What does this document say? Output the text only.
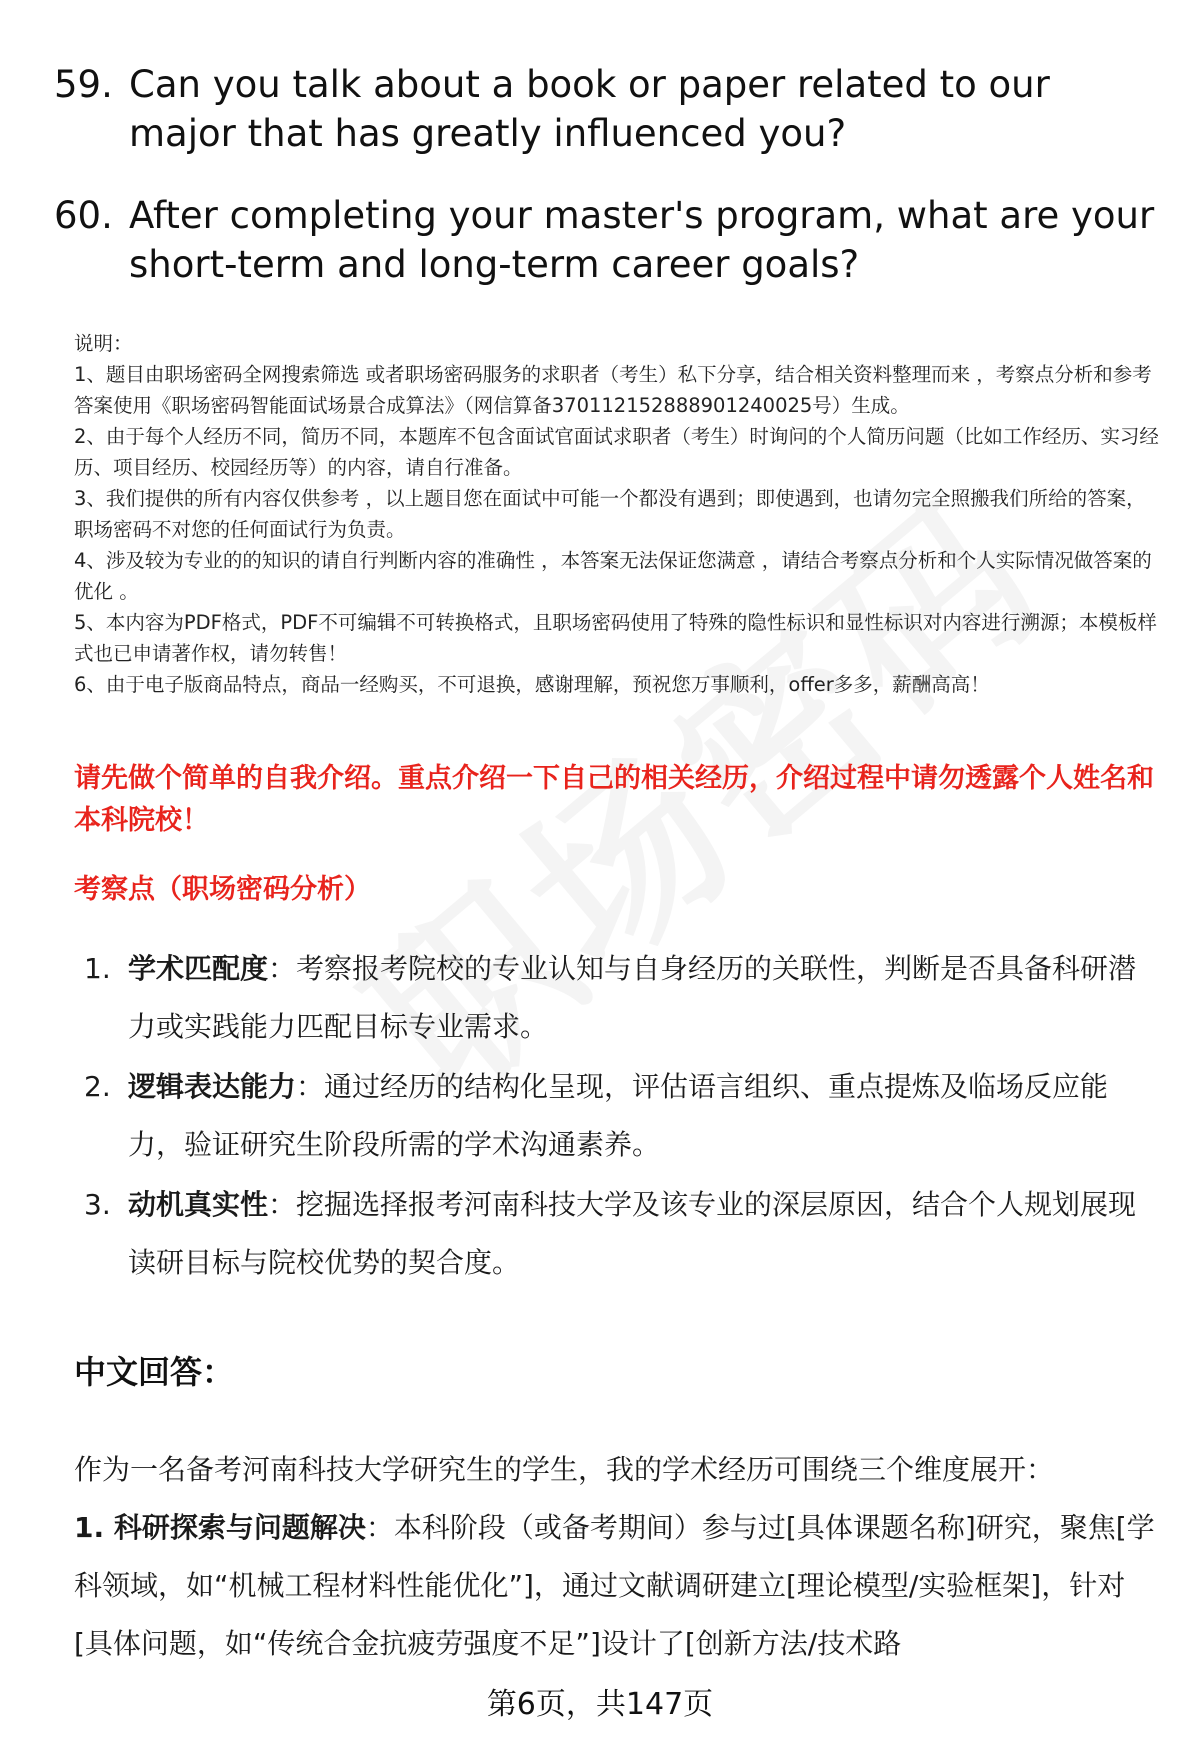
59. Can you talk about a book or paper related to our major that has greatly influenced you?
60. After completing your master's program, what are your short-term and long-term career goals?
说明：
1、题目由职场密码全网搜索筛选 或者职场密码服务的求职者（考生）私下分享，结合相关资料整理而来 ，考察点分析和参考答案使用《职场密码智能面试场景合成算法》（网信算备370112152888901240025号）生成。
2、由于每个人经历不同，简历不同，本题库不包含面试官面试求职者（考生）时询问的个人简历问题（比如工作经历、实习经历、项目经历、校园经历等）的内容，请自行准备。
3、我们提供的所有内容仅供参考 ，以上题目您在面试中可能一个都没有遇到；即使遇到，也请勿完全照搬我们所给的答案，职场密码不对您的任何面试行为负责。
4、涉及较为专业的的知识的请自行判断内容的准确性 ，本答案无法保证您满意 ，请结合考察点分析和个人实际情况做答案的优化 。
5、本内容为PDF格式，PDF不可编辑不可转换格式，且职场密码使用了特殊的隐性标识和显性标识对内容进行溯源；本模板样式也已申请著作权，请勿转售！
6、由于电子版商品特点，商品一经购买，不可退换，感谢理解，预祝您万事顺利，offer多多，薪酬高高！
请先做个简单的自我介绍。重点介绍一下自己的相关经历，介绍过程中请勿透露个人姓名和本科院校！
考察点（职场密码分析）
1. 学术匹配度：考察报考院校的专业认知与自身经历的关联性，判断是否具备科研潜力或实践能力匹配目标专业需求。
2. 逻辑表达能力：通过经历的结构化呈现，评估语言组织、重点提炼及临场反应能力，验证研究生阶段所需的学术沟通素养。
3. 动机真实性：挖掘选择报考河南科技大学及该专业的深层原因，结合个人规划展现读研目标与院校优势的契合度。
中文回答：
作为一名备考河南科技大学研究生的学生，我的学术经历可围绕三个维度展开：
1. 科研探索与问题解决：本科阶段（或备考期间）参与过[具体课题名称]研究，聚焦[学科领域，如“机械工程材料性能优化”]，通过文献调研建立[理论模型/实验框架]，针对[具体问题，如“传统合金抗疲劳强度不足”]设计了[创新方法/技术路
第6页，共147页
